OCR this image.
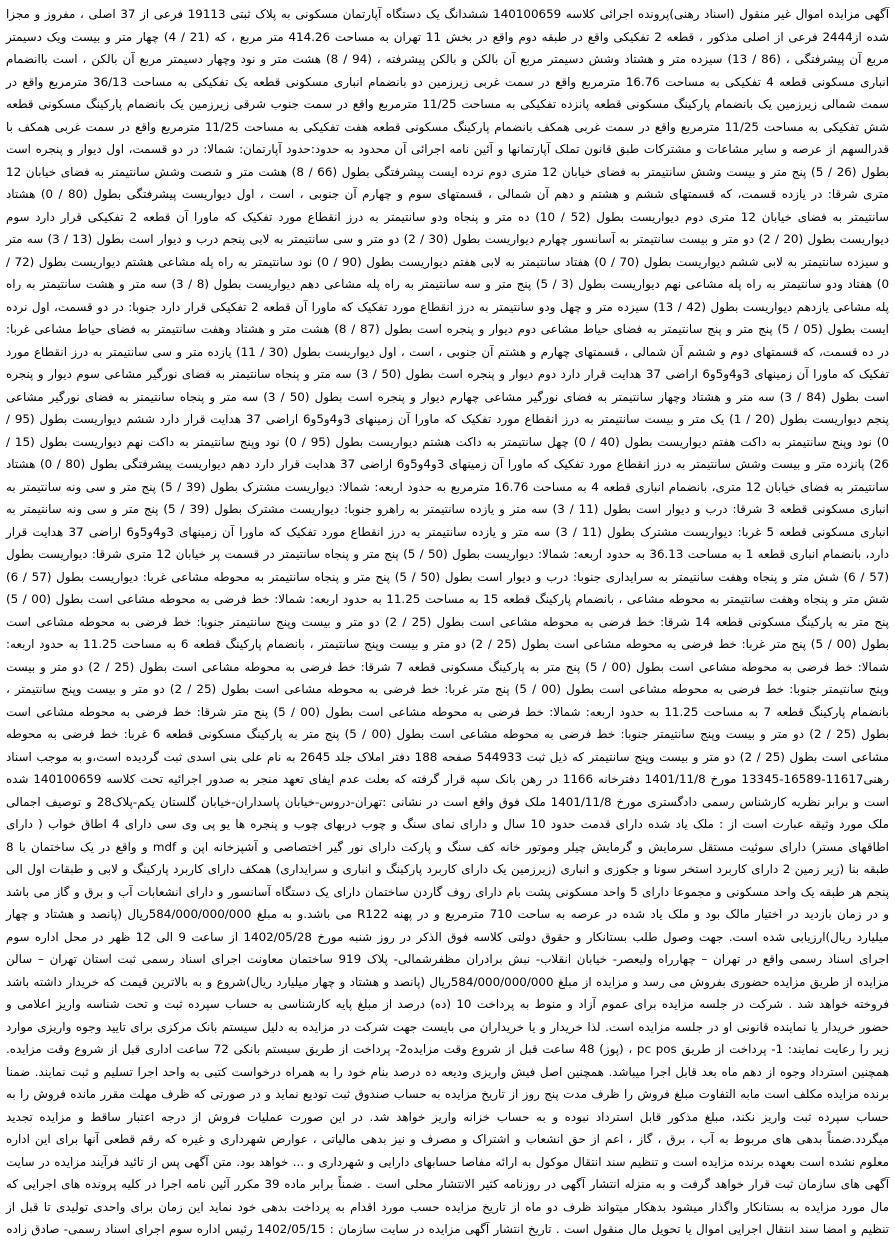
آگهی مزایده اموال غیر منقول (اسناد رهنی)پرونده اجرائی کلاسه 140100659 ششدانگ یک دستگاه آپارتمان مسکونی به پلاک ثبتی 19113 فرعی از 37 اصلی ، مفروز و مجزا شده از2444 فرعی از اصلی مذکور ، قطعه 2 تفکیکی واقع در طبقه دوم واقع در بخش 11 تهران به مساحت 414.26 متر مربع ، که (21 / 4) چهار متر و بیست ویک دسیمتر مربع آن پیشرفتگی ، (86 / 13) سیزده متر و هشتاد وشش دسیمتر مربع آن بالکن و بالکن پیشرفته ، (94 / 8) هشت متر و نود وچهار دسیمتر مربع آن بالکن ، است باانضمام انباری مسکونی قطعه 4 تفکیکی به مساحت 16.76 مترمربع واقع در سمت غربی زیرزمین دو بانضمام انباری مسکونی قطعه یک تفکیکی به مساحت 36/13 مترمربع واقع در سمت شمالی زیرزمین یک بانضمام پارکینگ مسکونی قطعه پانزده تفکیکی به مساحت 11/25 مترمربع واقع در سمت جنوب شرقی زیرزمین یک بانضمام پارکینگ مسکونی قطعه شش تفکیکی به مساحت 11/25 مترمربع واقع در سمت غربی همکف بانضمام پارکینگ مسکونی قطعه هفت تفکیکی به مساحت 11/25 مترمربع واقع در سمت غربی همکف با قدرالسهم از عرصه و سایر مشاعات و مشترکات طبق قانون تملک آپارتمانها و آئین نامه اجرائی آن محدود به حدود:حدود آپارتمان: شمالا: در دو قسمت، اول دیوار و پنجره است بطول (26 / 5) پنج متر و بیست وشش سانتیمتر به فضای خیابان 12 متری دوم نرده ایست پیشرفتگی بطول (66 / 8) هشت متر و شصت وشش سانتیمتر به فضای خیابان 12 متری شرقا: در یازده قسمت، که قسمتهای ششم و هشتم و دهم آن شمالی ، قسمتهای سوم و چهارم آن جنوبی ، است ، اول دیواریست پیشرفتگی بطول (80 / 0) هشتاد سانتیمتر به فضای خیابان 12 متری دوم دیواریست بطول (52 / 10) ده متر و پنجاه ودو سانتیمتر به درز انقطاع مورد تفکیک که ماورا آن قطعه 2 تفکیکی قرار دارد سوم دیواریست بطول (20 / 2) دو متر و بیست سانتیمتر به آسانسور چهارم دیواریست بطول (30 / 2) دو متر و سی سانتیمتر به لابی پنجم درب و دیوار است بطول (13 / 3) سه متر و سیزده سانتیمتر به لابی ششم دیواریست بطول (70 / 0) هفتاد سانتیمتر به لابی هفتم دیواریست بطول (90 / 0) نود سانتیمتر به راه پله مشاعی هشتم دیواریست بطول (72 / 0) هفتاد ودو سانتیمتر به راه پله مشاعی نهم دیواریست بطول (3 / 5) پنج متر و سه سانتیمتر به راه پله مشاعی دهم دیواریست بطول (8 / 3) سه متر و هشت سانتیمتر به راه پله مشاعی یازدهم دیواریست بطول (42 / 13) سیزده متر و چهل ودو سانتیمتر به درز انقطاع مورد تفکیک که ماورا آن قطعه 2 تفکیکی قرار دارد جنوبا: در دو قسمت، اول نرده ایست بطول (05 / 5) پنج متر و پنج سانتیمتر به فضای حیاط مشاعی دوم دیوار و پنجره است بطول (87 / 8) هشت متر و هشتاد وهفت سانتیمتر به فضای حیاط مشاعی غربا: در ده قسمت، که قسمتهای دوم و ششم آن شمالی ، قسمتهای چهارم و هشتم آن جنوبی ، است ، اول دیواریست بطول (30 / 11) یازده متر و سی سانتیمتر به درز انقطاع مورد تفکیک که ماورا آن زمینهای 3و4و5و6 اراضی 37 هدایت قرار دارد دوم دیوار و پنجره است بطول (50 / 3) سه متر و پنجاه سانتیمتر به فضای نورگیر مشاعی سوم دیوار و پنجره است بطول (84 / 3) سه متر و هشتاد وچهار سانتیمتر به فضای نورگیر مشاعی چهارم دیوار و پنجره است بطول (50 / 3) سه متر و پنجاه سانتیمتر به فضای نورگیر مشاعی پنجم دیواریست بطول (20 / 1) یک متر و بیست سانتیمتر به درز انقطاع مورد تفکیک که ماورا آن زمینهای 3و4و5و6 اراضی 37 هدایت قرار دارد ششم دیواریست بطول (95 / 0) نود وپنج سانتیمتر به داکت هفتم دیواریست بطول (40 / 0) چهل سانتیمتر به داکت هشتم دیواریست بطول (95 / 0) نود وپنج سانتیمتر به داکت نهم دیواریست بطول (15 / 26) پانزده متر و بیست وشش سانتیمتر به درز انقطاع مورد تفکیک که ماورا آن زمینهای 3و4و5و6 اراضی 37 هدایت قرار دارد دهم دیواریست پیشرفتگی بطول (80 / 0) هشتاد سانتیمتر به فضای خیابان 12 متری، بانضمام انباری قطعه 4 به مساحت 16.76 مترمربع به حدود اربعه: شمالا: دیواریست مشترک بطول (39 / 5) پنج متر و سی ونه سانتیمتر به انباری مسکونی قطعه 3 شرقا: درب و دیوار است بطول (11 / 3) سه متر و یازده سانتیمتر به راهرو جنوبا: دیواریست مشترک بطول (39 / 5) پنج متر و سی ونه سانتیمتر به انباری مسکونی قطعه 5 غربا: دیواریست مشترک بطول (11 / 3) سه متر و یازده سانتیمتر به درز انقطاع مورد تفکیک که ماورا آن زمینهای 3و4و5و6 اراضی 37 هدایت قرار دارد، بانضمام انباری قطعه 1 به مساحت 36.13 به حدود اربعه: شمالا: دیواریست بطول (50 / 5) پنج متر و پنجاه سانتیمتر در قسمت پر خیابان 12 متری شرقا: دیواریست بطول (57 / 6) شش متر و پنجاه وهفت سانتیمتر به سرایداری جنوبا: درب و دیوار است بطول (50 / 5) پنج متر و پنجاه سانتیمتر به محوطه مشاعی غربا: دیواریست بطول (57 / 6) شش متر و پنجاه وهفت سانتیمتر به محوطه مشاعی ، بانضمام پارکینگ قطعه 15 به مساحت 11.25 به حدود اربعه: شمالا: خط فرضی به محوطه مشاعی است بطول (00 / 5) پنج متر به پارکینگ مسکونی قطعه 14 شرقا: خط فرضی به محوطه مشاعی است بطول (25 / 2) دو متر و بیست وپنج سانتیمتر جنوبا: خط فرضی به محوطه مشاعی است بطول (00 / 5) پنج متر غربا: خط فرضی به محوطه مشاعی است بطول (25 / 2) دو متر و بیست وپنج سانتیمتر ، بانضمام پارکینگ قطعه 6 به مساحت 11.25 به حدود اربعه: شمالا: خط فرضی به محوطه مشاعی است بطول (00 / 5) پنج متر به پارکینگ مسکونی قطعه 7 شرقا: خط فرضی به محوطه مشاعی است بطول (25 / 2) دو متر و بیست وپنج سانتیمتر جنوبا: خط فرضی به محوطه مشاعی است بطول (00 / 5) پنج متر غربا: خط فرضی به محوطه مشاعی است بطول (25 / 2) دو متر و بیست وپنج سانتیمتر ، بانضمام پارکینگ قطعه 7 به مساحت 11.25 به حدود اربعه: شمالا: خط فرضی به محوطه مشاعی است بطول (00 / 5) پنج متر شرقا: خط فرضی به محوطه مشاعی است بطول (25 / 2) دو متر و بیست وپنج سانتیمتر جنوبا: خط فرضی به محوطه مشاعی است بطول (00 / 5) پنج متر به پارکینگ مسکونی قطعه 6 غربا: خط فرضی به محوطه مشاعی است بطول (25 / 2) دو متر و بیست وپنج سانتیمتر که ذیل ثبت 544933 صفحه 188 دفتر املاک جلد 2645 به نام علی بنی اسدی ثبت گردیده است،و به موجب اسناد رهنی11617-16589-13345 مورخ 1401/11/8 دفترخانه 1166 در رهن بانک سپه قرار گرفته که بعلت عدم ایفای تعهد منجر به صدور اجرائیه تحت کلاسه 140100659 شده است و برابر نظریه کارشناس رسمی دادگستری مورخ 1401/11/8 ملک فوق واقع است در نشانی :تهران-دروس-خیابان پاسداران-خیابان گلستان یکم-پلاک28 و توصیف اجمالی ملک مورد وثیقه عبارت است از : ملک یاد شده دارای قدمت حدود 10 سال و دارای نمای سنگ و چوب دربهای چوب و پنجره ها یو پی وی سی دارای 4 اطاق خواب ( دارای اطاقهای مستر) دارای سوئیت مستقل سرمایش و گرمایش چیلر وموتور خانه کف سنگ و پارکت دارای نور گیر اختصاصی و آشپزخانه اپن و mdf و واقع در یک ساختمان با 8 طبقه بنا (زیر زمین 2 دارای کاربرد استخر سونا و جکوزی و انباری (زیرزمین یک دارای کاربرد پارکینگ و انباری و سرایداری) همکف دارای کاربرد پارکینگ و لابی و طبقات اول الی پنجم هر طبقه یک واحد مسکونی و مجموعا دارای 5 واحد مسکونی پشت بام دارای روف گاردن ساختمان دارای یک دستگاه آسانسور و دارای انشعابات آب و برق و گاز می باشد و در زمان بازدید در اختیار مالک بود و ملک یاد شده در عرصه به ساحت 710 مترمربع و در پهنه R122 می باشد.و به مبلغ 584/000/000/000ریال (پانصد و هشتاد و چهار میلیارد ریال)ارزیابی شده است. جهت وصول طلب بستانکار و حقوق دولتی کلاسه فوق الذکر در روز شنبه مورخ 1402/05/28 از ساعت 9 الی 12 ظهر در محل اداره سوم اجرای اسناد رسمی واقع در تهران – چهارراه ولیعصر- خیابان انقلاب- نبش برادران مظفرشمالی- پلاک 919 ساختمان معاونت اجرای اسناد رسمی ثبت استان تهران – سالن مزایده از طریق مزایده حضوری بفروش می رسد و مزایده از مبلغ 584/000/000/000ریال (پانصد و هشتاد و چهار میلیارد ریال)شروع و به بالاترین قیمت که خریدار داشته باشد فروخته خواهد شد . شرکت در جلسه مزایده برای عموم آزاد و منوط به پرداخت 10 (ده) درصد از مبلغ پایه کارشناسی به حساب سپرده ثبت و تحت شناسه واریز اعلامی و حضور خریدار یا نماینده قانونی او در جلسه مزایده است. لذا خریدار و یا خریداران می بایست جهت شرکت در مزایده به دلیل سیستم بانک مرکزی برای تایید وجوه واریزی موارد زیر را رعایت نمایند: 1- پرداخت از طریق pc pos ، (پوز) 48 ساعت قبل از شروع وقت مزایده2- پرداخت از طریق سیستم بانکی 72 ساعت اداری قبل از شروع وقت مزایده. همچنین استرداد وجوه از دهم ماه بعد قابل اجرا میباشد. همچنین اصل فیش واریزی ودیعه ده درصد بنام خود را به همراه درخواست کتبی به واحد اجرا تسلیم و ثبت نمایند. ضمنا برنده مزایده مکلف است مابه التفاوت مبلغ فروش را ظرف مدت پنج روز از تاریخ مزایده به حساب صندوق ثبت تودیع نماید و در صورتی که ظرف مهلت مقرر مانده فروش را به حساب سپرده ثبت واریز نکند، مبلغ مذکور قابل استرداد نبوده و به حساب خزانه واریز خواهد شد. در این صورت عملیات فروش از درجه اعتبار ساقط و مزایده تجدید میگردد.ضمناً بدهی های مربوط به آب ، برق ، گاز ، اعم از حق انشعاب و اشتراک و مصرف و نیز بدهی مالیاتی ، عوارض شهرداری و غیره که رقم قطعی آنها برای این اداره معلوم نشده است بعهده برنده مزایده است و تنظیم سند انتقال موکول به ارائه مفاصا حسابهای دارایی و شهرداری و ... خواهد بود. متن آگهی پس از تائید فرآیند مزایده در سایت آگهی های سازمان ثبت قرار خواهد گرفت و به منزله انتشار آگهی در روزنامه کثیر الانتشار محلی است . ضمناً برابر ماده 39 مکرر آئین نامه اجرا در کلیه پرونده های اجرایی که مال مورد مزایده به بستانکار واگذار میشود بدهکار میتواند ظرف دو ماه از تاریخ مزایده حسب مورد اقدام به پرداخت بدهی خود نماید این زمان برای واحدی تولیدی تا قبل از تنظیم و امضا سند انتقال اجرایی اموال یا تحویل مال منقول است . تاریخ انتشار آگهی مزایده در سایت سازمان : 1402/05/15 رئیس اداره سوم اجرای اسناد رسمی- صادق زاده
